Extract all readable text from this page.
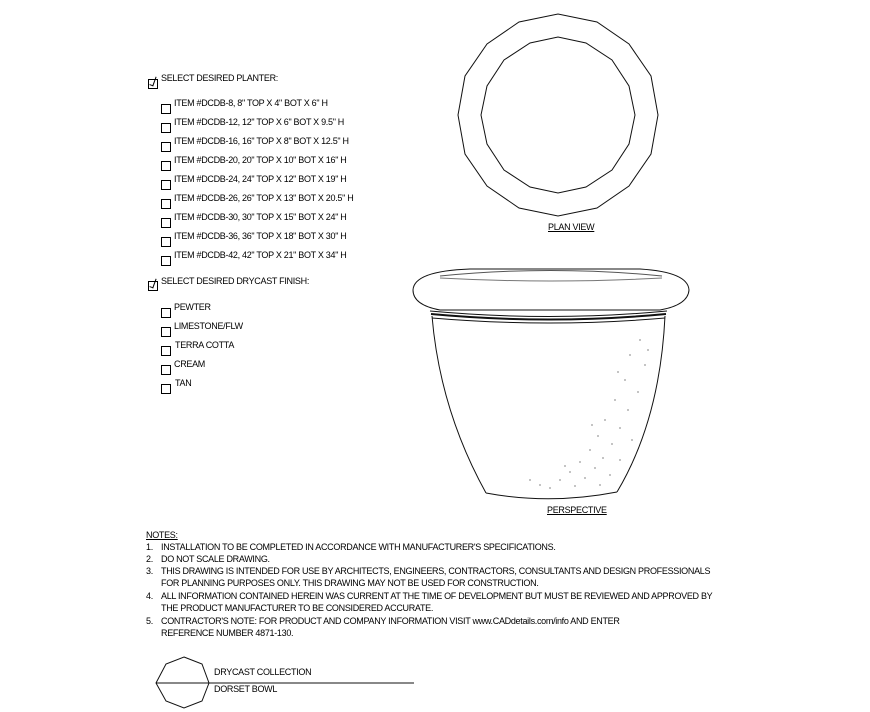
SELECT DESIRED PLANTER:
ITEM #DCDB-8, 8" TOP X 4" BOT X 6" H
ITEM #DCDB-12, 12" TOP X 6" BOT X 9.5" H
ITEM #DCDB-16, 16" TOP X 8" BOT X 12.5" H
ITEM #DCDB-20, 20" TOP X 10" BOT X 16" H
ITEM #DCDB-24, 24" TOP X 12" BOT X 19" H
ITEM #DCDB-26, 26" TOP X 13" BOT X 20.5" H
ITEM #DCDB-30, 30" TOP X 15" BOT X 24" H
ITEM #DCDB-36, 36" TOP X 18" BOT X 30" H
ITEM #DCDB-42, 42" TOP X 21" BOT X 34" H
SELECT DESIRED DRYCAST FINISH:
PEWTER
LIMESTONE/FLW
TERRA COTTA
CREAM
TAN
PLAN VIEW
PERSPECTIVE
NOTES:
1. INSTALLATION TO BE COMPLETED IN ACCORDANCE WITH MANUFACTURER'S SPECIFICATIONS.
2. DO NOT SCALE DRAWING.
3. THIS DRAWING IS INTENDED FOR USE BY ARCHITECTS, ENGINEERS, CONTRACTORS, CONSULTANTS AND DESIGN PROFESSIONALS
FOR PLANNING PURPOSES ONLY. THIS DRAWING MAY NOT BE USED FOR CONSTRUCTION.
4. ALL INFORMATION CONTAINED HEREIN WAS CURRENT AT THE TIME OF DEVELOPMENT BUT MUST BE REVIEWED AND APPROVED BY
THE PRODUCT MANUFACTURER TO BE CONSIDERED ACCURATE.
5. CONTRACTOR'S NOTE: FOR PRODUCT AND COMPANY INFORMATION VISIT www.CADdetails.com/info AND ENTER
REFERENCE NUMBER 4871-130.
DRYCAST COLLECTION
DORSET BOWL
